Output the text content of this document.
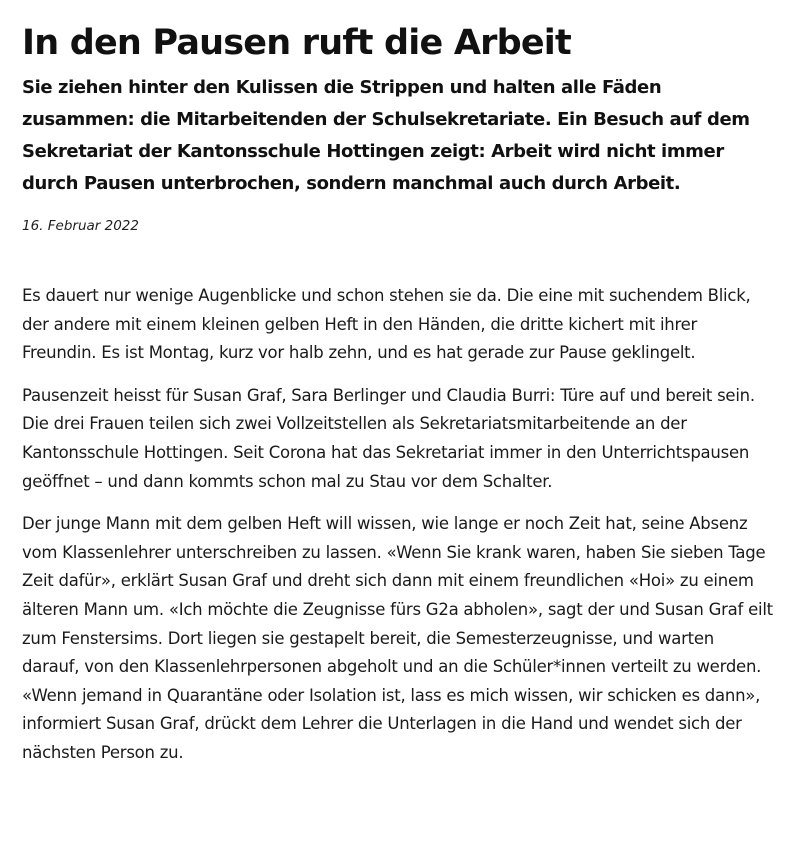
In den Pausen ruft die Arbeit

Sie ziehen hinter den Kulissen die Strippen und halten alle Fäden zusammen: die Mitarbeitenden der Schulsekretariate. Ein Besuch auf dem Sekretariat der Kantonsschule Hottingen zeigt: Arbeit wird nicht immer durch Pausen unterbrochen, sondern manchmal auch durch Arbeit.

16. Februar 2022

Es dauert nur wenige Augenblicke und schon stehen sie da. Die eine mit suchendem Blick, der andere mit einem kleinen gelben Heft in den Händen, die dritte kichert mit ihrer Freundin. Es ist Montag, kurz vor halb zehn, und es hat gerade zur Pause geklingelt.

Pausenzeit heisst für Susan Graf, Sara Berlinger und Claudia Burri: Türe auf und bereit sein. Die drei Frauen teilen sich zwei Vollzeitstellen als Sekretariatsmitarbeitende an der Kantonsschule Hottingen. Seit Corona hat das Sekretariat immer in den Unterrichtspausen geöffnet – und dann kommts schon mal zu Stau vor dem Schalter.

Der junge Mann mit dem gelben Heft will wissen, wie lange er noch Zeit hat, seine Absenz vom Klassenlehrer unterschreiben zu lassen. «Wenn Sie krank waren, haben Sie sieben Tage Zeit dafür», erklärt Susan Graf und dreht sich dann mit einem freundlichen «Hoi» zu einem älteren Mann um. «Ich möchte die Zeugnisse fürs G2a abholen», sagt der und Susan Graf eilt zum Fenstersims. Dort liegen sie gestapelt bereit, die Semesterzeugnisse, und warten darauf, von den Klassenlehrpersonen abgeholt und an die Schüler*innen verteilt zu werden. «Wenn jemand in Quarantäne oder Isolation ist, lass es mich wissen, wir schicken es dann», informiert Susan Graf, drückt dem Lehrer die Unterlagen in die Hand und wendet sich der nächsten Person zu.
